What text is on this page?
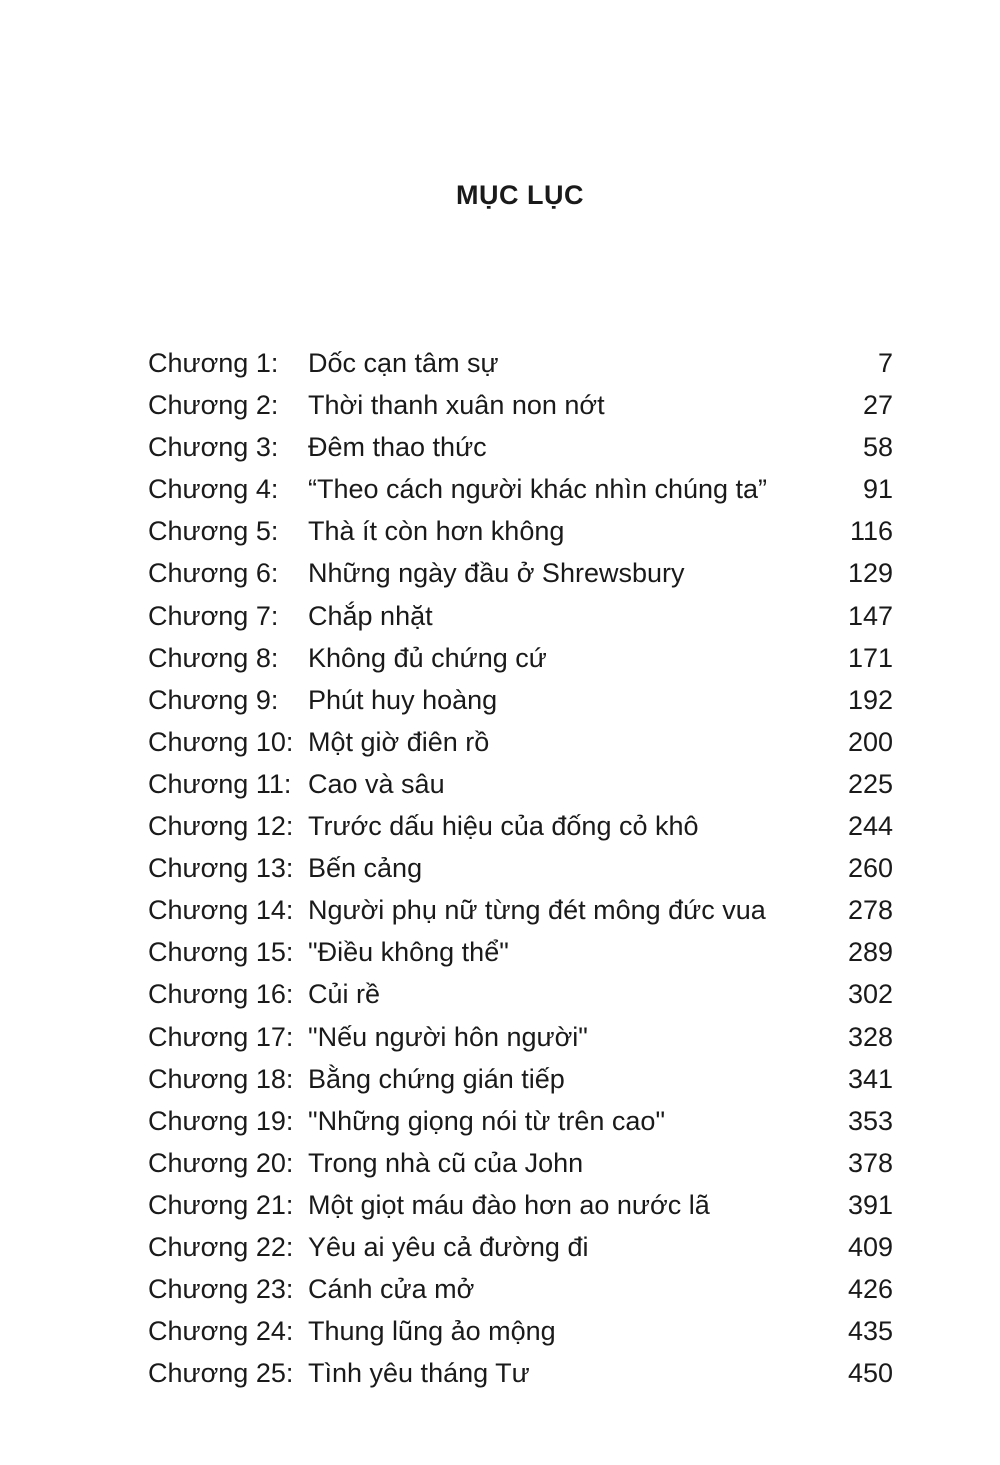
MỤC LỤC
Chương 1: Dốc cạn tâm sự	7
Chương 2: Thời thanh xuân non nớt	27
Chương 3: Đêm thao thức	58
Chương 4: “Theo cách người khác nhìn chúng ta”	91
Chương 5: Thà ít còn hơn không	116
Chương 6: Những ngày đầu ở Shrewsbury	129
Chương 7: Chắp nhặt	147
Chương 8: Không đủ chứng cứ	171
Chương 9: Phút huy hoàng	192
Chương 10: Một giờ điên rồ	200
Chương 11: Cao và sâu	225
Chương 12: Trước dấu hiệu của đống cỏ khô	244
Chương 13: Bến cảng	260
Chương 14: Người phụ nữ từng đét mông đức vua	278
Chương 15: "Điều không thể"	289
Chương 16: Củi rề	302
Chương 17: "Nếu người hôn người"	328
Chương 18: Bằng chứng gián tiếp	341
Chương 19: "Những giọng nói từ trên cao"	353
Chương 20: Trong nhà cũ của John	378
Chương 21: Một giọt máu đào hơn ao nước lã	391
Chương 22: Yêu ai yêu cả đường đi	409
Chương 23: Cánh cửa mở	426
Chương 24: Thung lũng ảo mộng	435
Chương 25: Tình yêu tháng Tư	450
